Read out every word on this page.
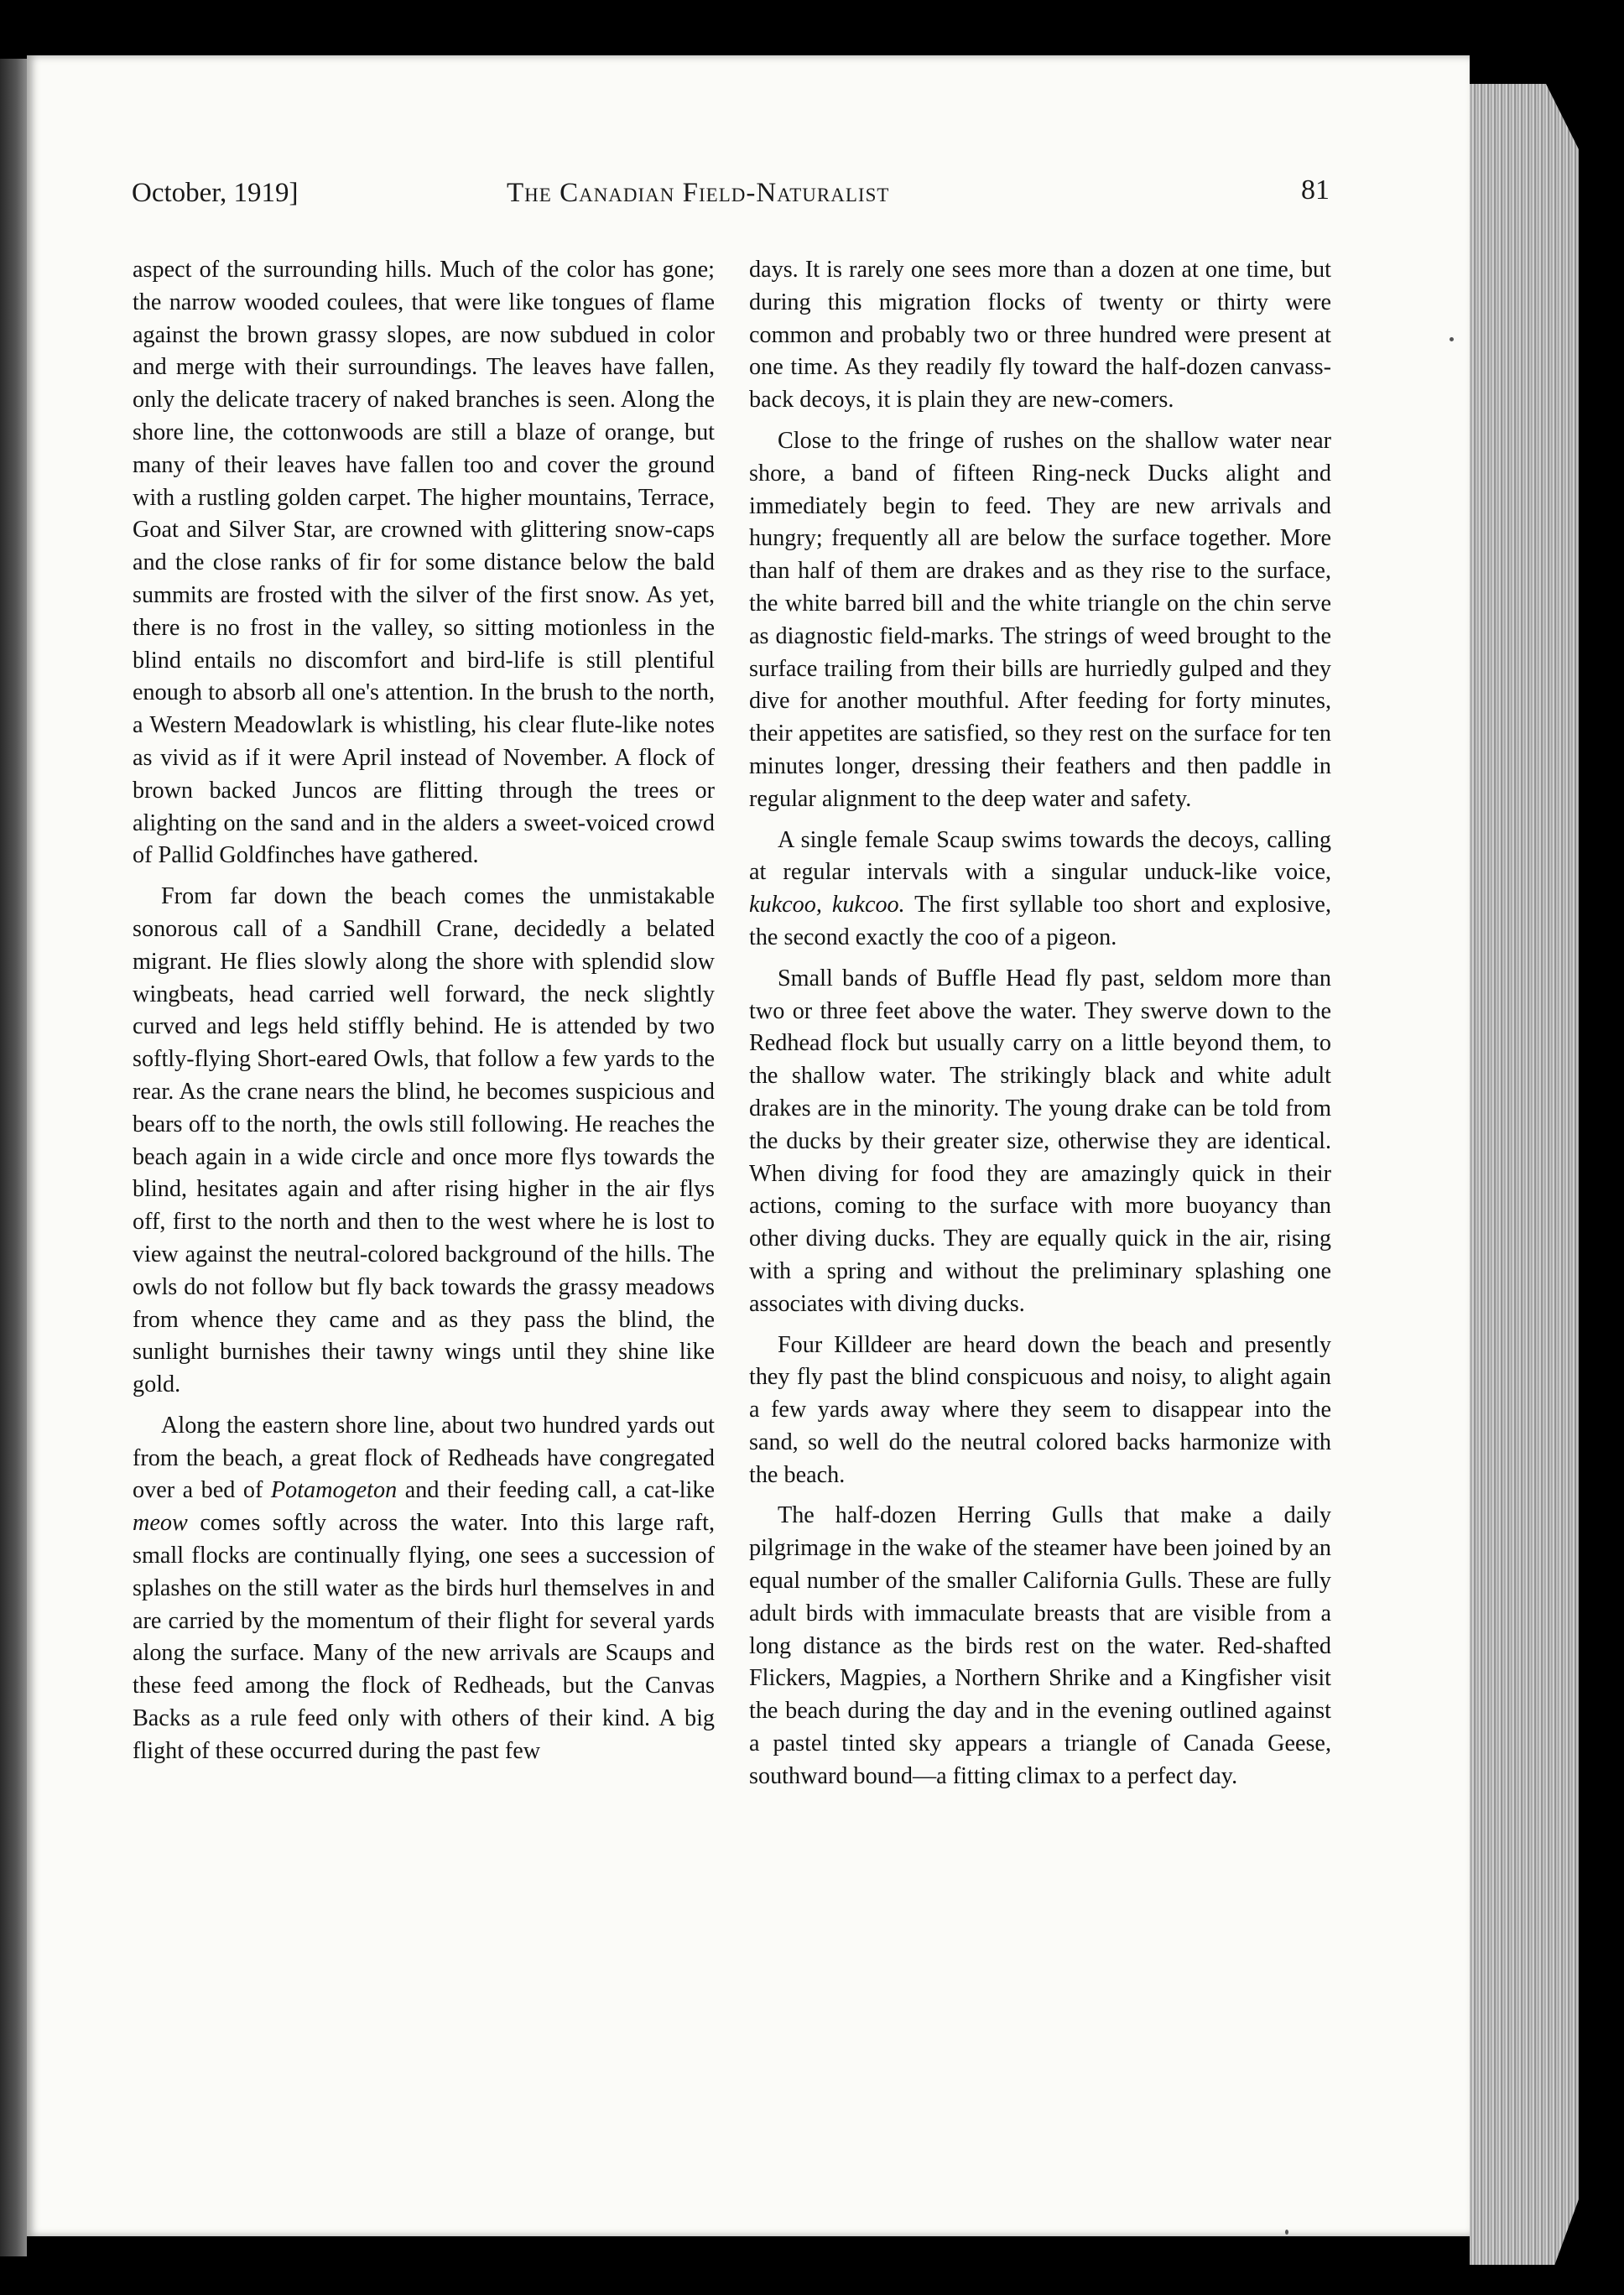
October, 1919]	The Canadian Field-Naturalist	81

aspect of the surrounding hills. Much of the color has gone; the narrow wooded coulees, that were like tongues of flame against the brown grassy slopes, are now subdued in color and merge with their surroundings. The leaves have fallen, only the delicate tracery of naked branches is seen. Along the shore line, the cottonwoods are still a blaze of orange, but many of their leaves have fallen too and cover the ground with a rustling golden carpet. The higher mountains, Terrace, Goat and Silver Star, are crowned with glittering snow-caps and the close ranks of fir for some distance below the bald summits are frosted with the silver of the first snow. As yet, there is no frost in the valley, so sitting motionless in the blind entails no discomfort and bird-life is still plentiful enough to absorb all one's attention. In the brush to the north, a Western Meadowlark is whistling, his clear flute-like notes as vivid as if it were April instead of November. A flock of brown backed Juncos are flitting through the trees or alighting on the sand and in the alders a sweet-voiced crowd of Pallid Goldfinches have gathered.

From far down the beach comes the unmistakable sonorous call of a Sandhill Crane, decidedly a belated migrant. He flies slowly along the shore with splendid slow wingbeats, head carried well forward, the neck slightly curved and legs held stiffly behind. He is attended by two softly-flying Short-eared Owls, that follow a few yards to the rear. As the crane nears the blind, he becomes suspicious and bears off to the north, the owls still following. He reaches the beach again in a wide circle and once more flys towards the blind, hesitates again and after rising higher in the air flys off, first to the north and then to the west where he is lost to view against the neutral-colored background of the hills. The owls do not follow but fly back towards the grassy meadows from whence they came and as they pass the blind, the sunlight burnishes their tawny wings until they shine like gold.

Along the eastern shore line, about two hundred yards out from the beach, a great flock of Redheads have congregated over a bed of Potamogeton and their feeding call, a cat-like meow comes softly across the water. Into this large raft, small flocks are continually flying, one sees a succession of splashes on the still water as the birds hurl themselves in and are carried by the momentum of their flight for several yards along the surface. Many of the new arrivals are Scaups and these feed among the flock of Redheads, but the Canvas Backs as a rule feed only with others of their kind. A big flight of these occurred during the past few

days. It is rarely one sees more than a dozen at one time, but during this migration flocks of twenty or thirty were common and probably two or three hundred were present at one time. As they readily fly toward the half-dozen canvass-back decoys, it is plain they are new-comers.

Close to the fringe of rushes on the shallow water near shore, a band of fifteen Ring-neck Ducks alight and immediately begin to feed. They are new arrivals and hungry; frequently all are below the surface together. More than half of them are drakes and as they rise to the surface, the white barred bill and the white triangle on the chin serve as diagnostic field-marks. The strings of weed brought to the surface trailing from their bills are hurriedly gulped and they dive for another mouthful. After feeding for forty minutes, their appetites are satisfied, so they rest on the surface for ten minutes longer, dressing their feathers and then paddle in regular alignment to the deep water and safety.

A single female Scaup swims towards the decoys, calling at regular intervals with a singular unduck-like voice, kukcoo, kukcoo. The first syllable too short and explosive, the second exactly the coo of a pigeon.

Small bands of Buffle Head fly past, seldom more than two or three feet above the water. They swerve down to the Redhead flock but usually carry on a little beyond them, to the shallow water. The strikingly black and white adult drakes are in the minority. The young drake can be told from the ducks by their greater size, otherwise they are identical. When diving for food they are amazingly quick in their actions, coming to the surface with more buoyancy than other diving ducks. They are equally quick in the air, rising with a spring and without the preliminary splashing one associates with diving ducks.

Four Killdeer are heard down the beach and presently they fly past the blind conspicuous and noisy, to alight again a few yards away where they seem to disappear into the sand, so well do the neutral colored backs harmonize with the beach.

The half-dozen Herring Gulls that make a daily pilgrimage in the wake of the steamer have been joined by an equal number of the smaller California Gulls. These are fully adult birds with immaculate breasts that are visible from a long distance as the birds rest on the water. Red-shafted Flickers, Magpies, a Northern Shrike and a Kingfisher visit the beach during the day and in the evening outlined against a pastel tinted sky appears a triangle of Canada Geese, southward bound—a fitting climax to a perfect day.
